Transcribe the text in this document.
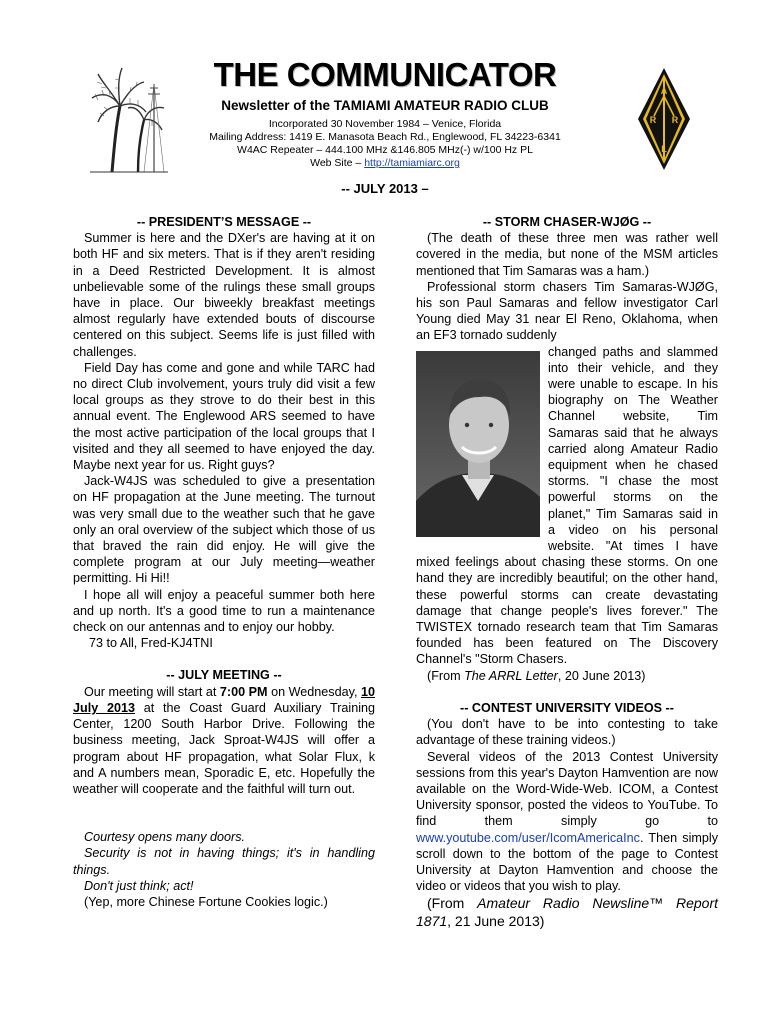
A
R R
L
THE COMMUNICATOR
Newsletter of the TAMIAMI AMATEUR RADIO CLUB
Incorporated 30 November 1984 – Venice, Florida
Mailing Address: 1419 E. Manasota Beach Rd., Englewood, FL 34223-6341
W4AC Repeater – 444.100 MHz &146.805 MHz(-) w/100 Hz PL
Web Site – http://tamiamiarc.org
-- JULY 2013 –
-- PRESIDENT’S MESSAGE --

Summer is here and the DXer's are having at it on both HF and six meters. That is if they aren't residing in a Deed Restricted Development. It is almost unbelievable some of the rulings these small groups have in place. Our biweekly breakfast meetings almost regularly have extended bouts of discourse centered on this subject. Seems life is just filled with challenges.

Field Day has come and gone and while TARC had no direct Club involvement, yours truly did visit a few local groups as they strove to do their best in this annual event. The Englewood ARS seemed to have the most active participation of the local groups that I visited and they all seemed to have enjoyed the day. Maybe next year for us. Right guys?

Jack-W4JS was scheduled to give a presentation on HF propagation at the June meeting. The turnout was very small due to the weather such that he gave only an oral overview of the subject which those of us that braved the rain did enjoy. He will give the complete program at our July meeting—weather permitting. Hi Hi!!

I hope all will enjoy a peaceful summer both here and up north. It's a good time to run a maintenance check on our antennas and to enjoy our hobby.

73 to All, Fred-KJ4TNI

-- JULY MEETING --

Our meeting will start at 7:00 PM on Wednesday, 10 July 2013 at the Coast Guard Auxiliary Training Center, 1200 South Harbor Drive. Following the business meeting, Jack Sproat-W4JS will offer a program about HF propagation, what Solar Flux, k and A numbers mean, Sporadic E, etc. Hopefully the weather will cooperate and the faithful will turn out.

Courtesy opens many doors.

Security is not in having things; it's in handling things.

Don't just think; act!

(Yep, more Chinese Fortune Cookies logic.)

-- STORM CHASER-WJØG --

(The death of these three men was rather well covered in the media, but none of the MSM articles mentioned that Tim Samaras was a ham.)

Professional storm chasers Tim Samaras-WJØG, his son Paul Samaras and fellow investigator Carl Young died May 31 near El Reno, Oklahoma, when an EF3 tornado suddenly

changed paths and slammed into their vehicle, and they were unable to escape. In his biography on The Weather Channel website, Tim Samaras said that he always carried along Amateur Radio equipment when he chased storms. "I chase the most powerful storms on the planet," Tim Samaras said in a video on his personal website. "At times I have mixed feelings about chasing these storms. On one hand they are incredibly beautiful; on the other hand, these powerful storms can create devastating damage that change people's lives forever." The TWISTEX tornado research team that Tim Samaras founded has been featured on The Discovery Channel's "Storm Chasers.

(From The ARRL Letter, 20 June 2013)

-- CONTEST UNIVERSITY VIDEOS --

(You don't have to be into contesting to take advantage of these training videos.)

Several videos of the 2013 Contest University sessions from this year's Dayton Hamvention are now available on the Word-Wide-Web. ICOM, a Contest University sponsor, posted the videos to YouTube. To find them simply go to www.youtube.com/user/IcomAmericaInc. Then simply scroll down to the bottom of the page to Contest University at Dayton Hamvention and choose the video or videos that you wish to play.

(From Amateur Radio Newsline™ Report 1871, 21 June 2013)
